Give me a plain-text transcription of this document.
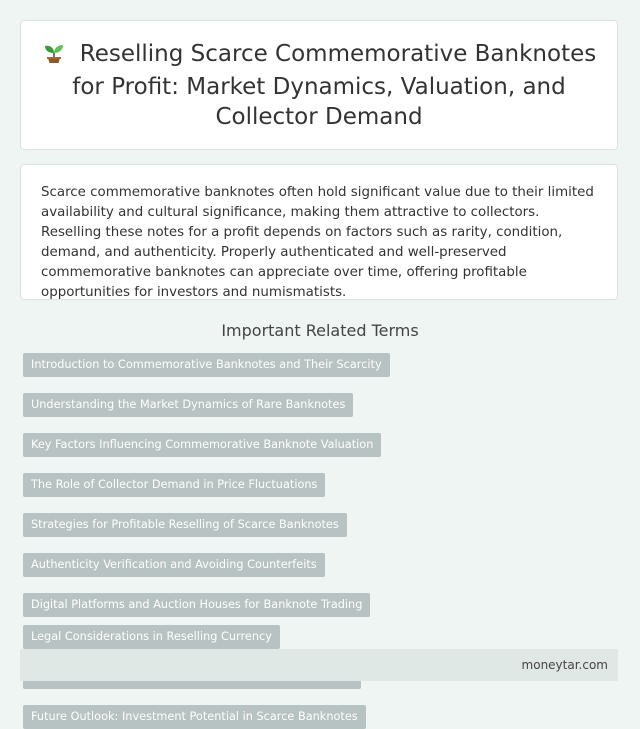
Reselling Scarce Commemorative Banknotes for Profit: Market Dynamics, Valuation, and Collector Demand

Scarce commemorative banknotes often hold significant value due to their limited availability and cultural significance, making them attractive to collectors. Reselling these notes for a profit depends on factors such as rarity, condition, demand, and authenticity. Properly authenticated and well-preserved commemorative banknotes can appreciate over time, offering profitable opportunities for investors and numismatists.

Important Related Terms
Introduction to Commemorative Banknotes and Their Scarcity
Understanding the Market Dynamics of Rare Banknotes
Key Factors Influencing Commemorative Banknote Valuation
The Role of Collector Demand in Price Fluctuations
Strategies for Profitable Reselling of Scarce Banknotes
Authenticity Verification and Avoiding Counterfeits
Digital Platforms and Auction Houses for Banknote Trading
Legal Considerations in Reselling Currency
Future Outlook: Investment Potential in Scarce Banknotes
moneytar.com
